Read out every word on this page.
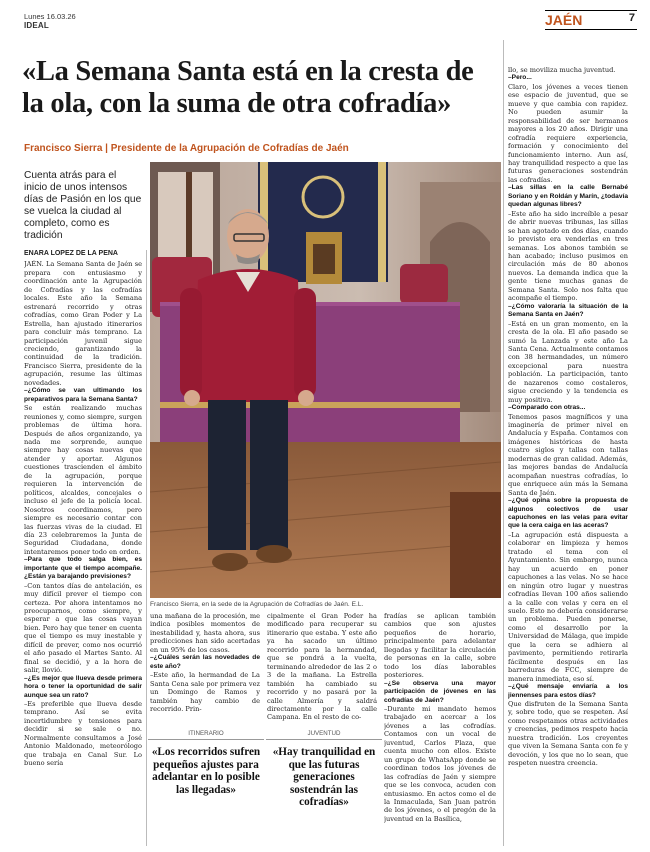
Lunes 16.03.26
IDEAL	JAÉN	7
«La Semana Santa está en la cresta de la ola, con la suma de otra cofradía»
Francisco Sierra | Presidente de la Agrupación de Cofradías de Jaén
Cuenta atrás para el inicio de unos intensos días de Pasión en los que se vuelca la ciudad al completo, como es tradición
Francisco Sierra, en la sede de la Agrupación de Cofradías de Jaén. E.L.
ENARA LÓPEZ DE LA PEÑA

JAÉN. La Semana Santa de Jaén se prepara con entusiasmo y coordinación ante la Agrupación de Cofradías y las cofradías locales. Este año la Semana estrenará recorrido y otras cofradías, como Gran Poder y La Estrella, han ajustado itinerarios para concluir más temprano. La participación juvenil sigue creciendo, garantizando la continuidad de la tradición. Francisco Sierra, presidente de la agrupación, resume las últimas novedades.

–¿Cómo se van ultimando los preparativos para la Semana Santa?

Se están realizando muchas reuniones y, como siempre, surgen problemas de última hora. Después de años organizando, ya nada me sorprende, aunque siempre hay cosas nuevas que atender y aportar. Algunos cuestiones trascienden el ámbito de la agrupación, porque requieren la intervención de políticos, alcaldes, concejales o incluso el jefe de la policía local. Nosotros coordinamos, pero siempre es necesario contar con las fuerzas vivas de la ciudad. El día 23 celebraremos la Junta de Seguridad Ciudadana, donde intentaremos poner todo en orden.

–Para que todo salga bien, es importante que el tiempo acompañe. ¿Están ya barajando previsiones?

–Con tantos días de antelación, es muy difícil prever el tiempo con certeza. Por ahora intentamos no preocuparnos, como siempre, y esperar a que las cosas vayan bien. Pero hay que tener en cuenta que el tiempo es muy inestable y difícil de prever, como nos ocurrió el año pasado el Martes Santo. Al final se decidió, y a la hora de salir, llovió.

–¿Es mejor que llueva desde primera hora o tener la oportunidad de salir aunque sea un rato?

–Es preferible que llueva desde temprano. Así se evita incertidumbre y tensiones para decidir si se sale o no. Normalmente consultamos a José Antonio Maldonado, meteorólogo que trabaja en Canal Sur. Lo bueno sería

una mañana de la procesión, me indica posibles momentos de inestabilidad y, hasta ahora, sus predicciones han sido acertadas en un 95% de los casos.

–¿Cuáles serán las novedades de este año?

–Este año, la hermandad de La Santa Cena sale por primera vez un Domingo de Ramos y también hay cambio de recorrido. Prin-

cipalmente el Gran Poder ha modificado para recuperar su itinerario que estaba. Y este año ya ha sacado un último recorrido para la hermandad, que se pondrá a la vuelta, terminando alrededor de las 2 o 3 de la mañana. La Estrella también ha cambiado su recorrido y no pasará por la calle Almería y saldrá directamente por la calle Campana. En el resto de co-

fradías se aplican también cambios que son ajustes pequeños de horario, principalmente para adelantar llegadas y facilitar la circulación de personas en la calle, sobre todo los días laborables posteriores.

–¿Se observa una mayor participación de jóvenes en las cofradías de Jaén?

–Durante mi mandato hemos trabajado en acercar a los jóvenes a las cofradías. Contamos con un vocal de juventud, Carlos Plaza, que cuenta mucho con ellos. Existe un grupo de WhatsApp donde se coordinan todos los jóvenes de las cofradías de Jaén y siempre que se les convoca, acuden con entusiasmo. En actos como el de la Inmaculada, San Juan patrón de los jóvenes, o el pregón de la juventud en la Basílica,

ITINERARIO
«Los recorridos sufren pequeños ajustes para adelantar en lo posible las llegadas»
JUVENTUD
«Hay tranquilidad en que las futuras generaciones sostendrán las cofradías»

llo, se moviliza mucha juventud.

–Pero...

Claro, los jóvenes a veces tienen ese espacio de juventud, que se mueve y que cambia con rapidez. No pueden asumir la responsabilidad de ser hermanos mayores a los 20 años. Dirigir una cofradía requiere experiencia, formación y conocimiento del funcionamiento interno. Aun así, hay tranquilidad respecto a que las futuras generaciones sostendrán las cofradías.

–Las sillas en la calle Bernabé Soriano y en Roldán y Marín, ¿todavía quedan algunas libres?

–Este año ha sido increíble a pesar de abrir nuevas tribunas, las sillas se han agotado en dos días, cuando lo previsto era venderlas en tres semanas. Los abonos también se han acabado; incluso pusimos en circulación más de 80 abonos nuevos. La demanda indica que la gente tiene muchas ganas de Semana Santa. Solo nos falta que acompañe el tiempo.

–¿Cómo valoraría la situación de la Semana Santa en Jaén?

–Está en un gran momento, en la cresta de la ola. El año pasado se sumó la Lanzada y este año La Santa Cena. Actualmente contamos con 38 hermandades, un número excepcional para nuestra población. La participación, tanto de nazarenos como costaleros, sigue creciendo y la tendencia es muy positiva.

–Comparado con otras...

Tenemos pasos magníficos y una imaginería de primer nivel en Andalucía y España. Contamos con imágenes históricas de hasta cuatro siglos y tallas con tallas modernas de gran calidad. Además, las mejores bandas de Andalucía acompañan nuestras cofradías, lo que enriquece aún más la Semana Santa de Jaén.

–¿Qué opina sobre la propuesta de algunos colectivos de usar capuchones en las velas para evitar que la cera caiga en las aceras?

–La agrupación está dispuesta a colaborar en limpieza y hemos tratado el tema con el Ayuntamiento. Sin embargo, nunca hay un acuerdo en poner capuchones a las velas. No se hace en ningún otro lugar y nuestras cofradías llevan 100 años saliendo a la calle con velas y cera en el suelo. Esto no debería considerarse un problema. Pueden ponerse, como el desarrollo por la Universidad de Málaga, que impide que la cera se adhiera al pavimento, permitiendo retirarla fácilmente después en las barreduras de FCC, siempre de manera inmediata, eso sí.

–¿Qué mensaje enviaría a los jiennenses para estos días?

Que disfruten de la Semana Santa y, sobre todo, que se respeten. Así como respetamos otras actividades y creencias, pedimos respeto hacia nuestra tradición. Los creyentes que viven la Semana Santa con fe y devoción, y los que no lo sean, que respeten nuestra creencia.
